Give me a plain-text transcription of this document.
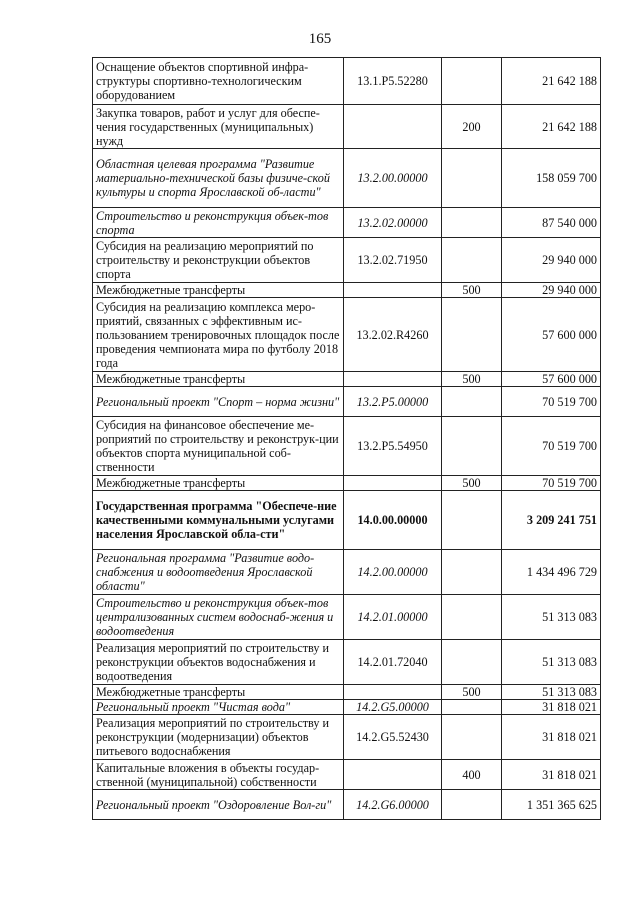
165
Оснащение объектов спортивной инфра-структуры спортивно-технологическим оборудованием	13.1.P5.52280		21 642 188
Закупка товаров, работ и услуг для обеспе-чения государственных (муниципальных) нужд		200	21 642 188
Областная целевая программа "Развитие материально-технической базы физиче-ской культуры и спорта Ярославской об-ласти"	13.2.00.00000		158 059 700
Строительство и реконструкция объек-тов спорта	13.2.02.00000		87 540 000
Субсидия на реализацию мероприятий по строительству и реконструкции объектов спорта	13.2.02.71950		29 940 000
Межбюджетные трансферты		500	29 940 000
Субсидия на реализацию комплекса меро-приятий, связанных с эффективным ис-пользованием тренировочных площадок после проведения чемпионата мира по футболу 2018 года	13.2.02.R4260		57 600 000
Межбюджетные трансферты		500	57 600 000
Региональный проект "Спорт – норма жизни"	13.2.P5.00000		70 519 700
Субсидия на финансовое обеспечение ме-роприятий по строительству и реконструк-ции объектов спорта муниципальной соб-ственности	13.2.P5.54950		70 519 700
Межбюджетные трансферты		500	70 519 700
Государственная программа "Обеспече-ние качественными коммунальными услугами населения Ярославской обла-сти"	14.0.00.00000		3 209 241 751
Региональная программа "Развитие водо-снабжения и водоотведения Ярославской области"	14.2.00.00000		1 434 496 729
Строительство и реконструкция объек-тов централизованных систем водоснаб-жения и водоотведения	14.2.01.00000		51 313 083
Реализация мероприятий по строительству и реконструкции объектов водоснабжения и водоотведения	14.2.01.72040		51 313 083
Межбюджетные трансферты		500	51 313 083
Региональный проект "Чистая вода"	14.2.G5.00000		31 818 021
Реализация мероприятий по строительству и реконструкции (модернизации) объектов питьевого водоснабжения	14.2.G5.52430		31 818 021
Капитальные вложения в объекты государ-ственной (муниципальной) собственности		400	31 818 021
Региональный проект "Оздоровление Вол-ги"	14.2.G6.00000		1 351 365 625
